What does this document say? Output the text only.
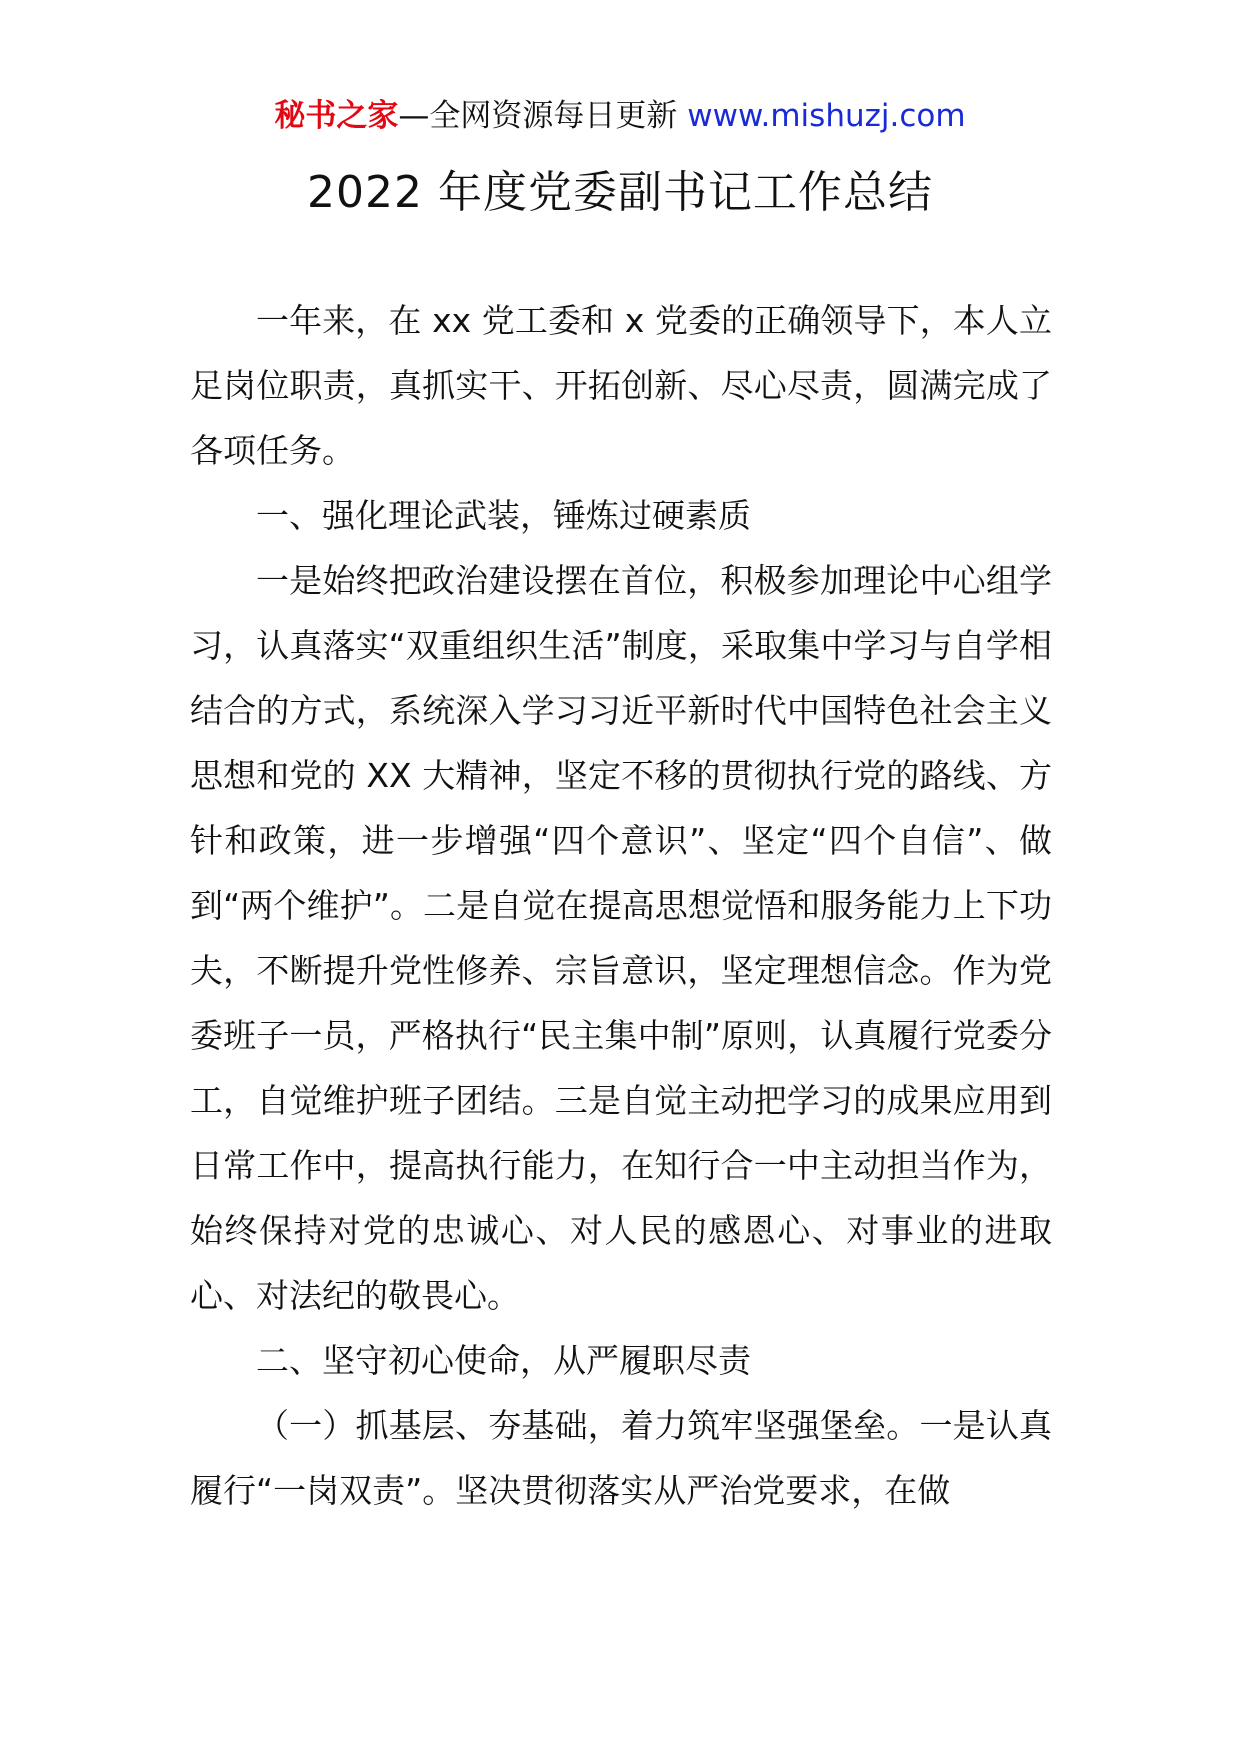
秘书之家—全网资源每日更新 www.mishuzj.com
2022 年度党委副书记工作总结

一年来，在 xx 党工委和 x 党委的正确领导下，本人立足岗位职责，真抓实干、开拓创新、尽心尽责，圆满完成了各项任务。

一、强化理论武装，锤炼过硬素质

一是始终把政治建设摆在首位，积极参加理论中心组学习，认真落实“双重组织生活”制度，采取集中学习与自学相结合的方式，系统深入学习习近平新时代中国特色社会主义思想和党的 XX 大精神，坚定不移的贯彻执行党的路线、方针和政策，进一步增强“四个意识”、坚定“四个自信”、做到“两个维护”。二是自觉在提高思想觉悟和服务能力上下功夫，不断提升党性修养、宗旨意识，坚定理想信念。作为党委班子一员，严格执行“民主集中制”原则，认真履行党委分工，自觉维护班子团结。三是自觉主动把学习的成果应用到日常工作中，提高执行能力，在知行合一中主动担当作为，始终保持对党的忠诚心、对人民的感恩心、对事业的进取心、对法纪的敬畏心。

二、坚守初心使命，从严履职尽责

（一）抓基层、夯基础，着力筑牢坚强堡垒。一是认真履行“一岗双责”。坚决贯彻落实从严治党要求，在做
